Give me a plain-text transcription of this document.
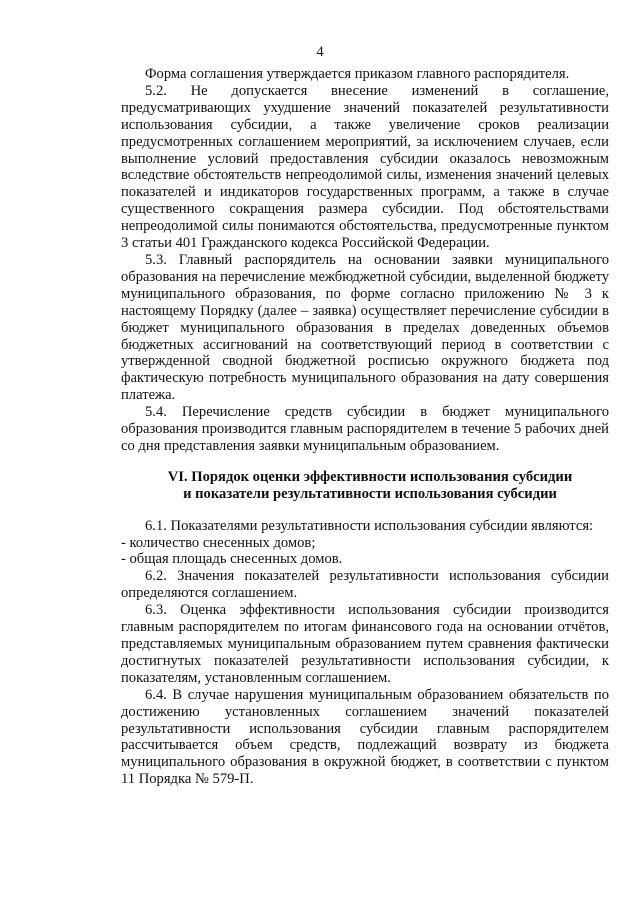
4

Форма соглашения утверждается приказом главного распорядителя.

5.2. Не допускается внесение изменений в соглашение, предусматривающих ухудшение значений показателей результативности использования субсидии, а также увеличение сроков реализации предусмотренных соглашением мероприятий, за исключением случаев, если выполнение условий предоставления субсидии оказалось невозможным вследствие обстоятельств непреодолимой силы, изменения значений целевых показателей и индикаторов государственных программ, а также в случае существенного сокращения размера субсидии. Под обстоятельствами непреодолимой силы понимаются обстоятельства, предусмотренные пунктом 3 статьи 401 Гражданского кодекса Российской Федерации.

5.3. Главный распорядитель на основании заявки муниципального образования на перечисление межбюджетной субсидии, выделенной бюджету муниципального образования, по форме согласно приложению № 3 к настоящему Порядку (далее – заявка) осуществляет перечисление субсидии в бюджет муниципального образования в пределах доведенных объемов бюджетных ассигнований на соответствующий период в соответствии с утвержденной сводной бюджетной росписью окружного бюджета под фактическую потребность муниципального образования на дату совершения платежа.

5.4. Перечисление средств субсидии в бюджет муниципального образования производится главным распорядителем в течение 5 рабочих дней со дня представления заявки муниципальным образованием.

VI. Порядок оценки эффективности использования субсидии

и показатели результативности использования субсидии

6.1. Показателями результативности использования субсидии являются:

- количество снесенных домов;

- общая площадь снесенных домов.

6.2. Значения показателей результативности использования субсидии определяются соглашением.

6.3. Оценка эффективности использования субсидии производится главным распорядителем по итогам финансового года на основании отчётов, представляемых муниципальным образованием путем сравнения фактически достигнутых показателей результативности использования субсидии, к показателям, установленным соглашением.

6.4. В случае нарушения муниципальным образованием обязательств по достижению установленных соглашением значений показателей результативности использования субсидии главным распорядителем рассчитывается объем средств, подлежащий возврату из бюджета муниципального образования в окружной бюджет, в соответствии с пунктом 11 Порядка № 579-П.
